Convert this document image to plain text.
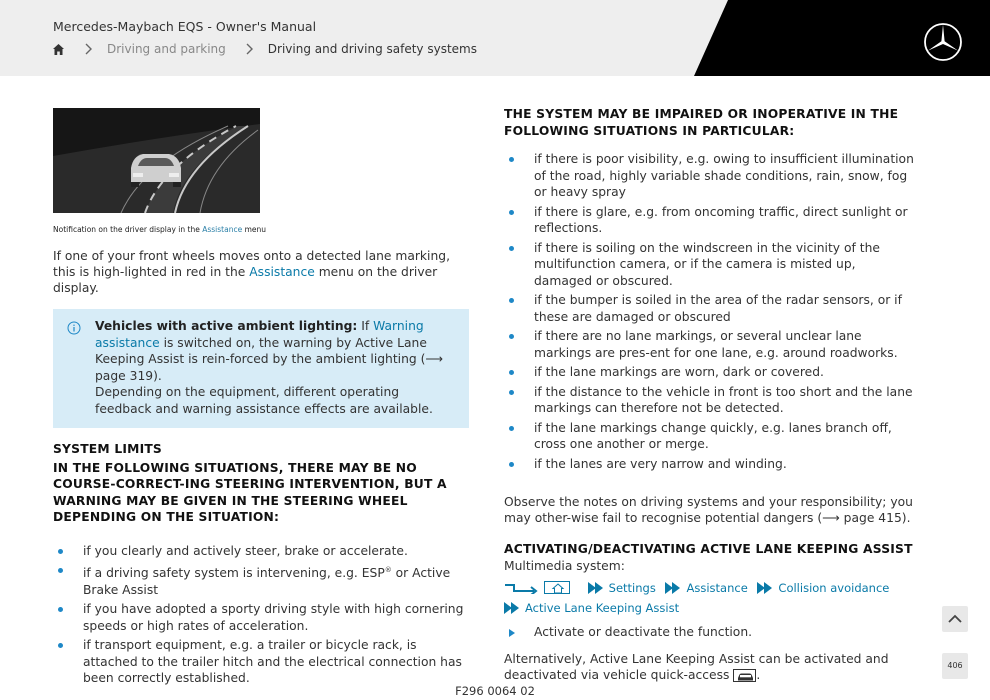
Mercedes-Maybach EQS - Owner's Manual
Driving and parking	Driving and driving safety systems
Notification on the driver display in the Assistance menu

If one of your front wheels moves onto a detected lane marking, this is high-lighted in red in the Assistance menu on the driver display.

Vehicles with active ambient lighting: If Warning assistance is switched on, the warning by Active Lane Keeping Assist is rein-forced by the ambient lighting (⟶ page 319).
Depending on the equipment, different operating feedback and warning assistance effects are available.
SYSTEM LIMITS
IN THE FOLLOWING SITUATIONS, THERE MAY BE NO COURSE-CORRECT-ING STEERING INTERVENTION, BUT A WARNING MAY BE GIVEN IN THE STEERING WHEEL DEPENDING ON THE SITUATION:
if you clearly and actively steer, brake or accelerate.
if a driving safety system is intervening, e.g. ESP® or Active Brake Assist
if you have adopted a sporty driving style with high cornering speeds or high rates of acceleration.
if transport equipment, e.g. a trailer or bicycle rack, is attached to the trailer hitch and the electrical connection has been correctly established.
THE SYSTEM MAY BE IMPAIRED OR INOPERATIVE IN THE FOLLOWING SITUATIONS IN PARTICULAR:
if there is poor visibility, e.g. owing to insufficient illumination of the road, highly variable shade conditions, rain, snow, fog or heavy spray
if there is glare, e.g. from oncoming traffic, direct sunlight or reflections.
if there is soiling on the windscreen in the vicinity of the multifunction camera, or if the camera is misted up, damaged or obscured.
if the bumper is soiled in the area of the radar sensors, or if these are damaged or obscured
if there are no lane markings, or several unclear lane markings are pres-ent for one lane, e.g. around roadworks.
if the lane markings are worn, dark or covered.
if the distance to the vehicle in front is too short and the lane markings can therefore not be detected.
if the lane markings change quickly, e.g. lanes branch off, cross one another or merge.
if the lanes are very narrow and winding.

Observe the notes on driving systems and your responsibility; you may other-wise fail to recognise potential dangers (⟶ page 415).

ACTIVATING/DEACTIVATING ACTIVE LANE KEEPING ASSIST
Multimedia system:

Settings
	Assistance
	Collision avoidance

Active Lane Keeping Assist
Activate or deactivate the function.

Alternatively, Active Lane Keeping Assist can be activated and deactivated via vehicle quick-access .

406
F296 0064 02
